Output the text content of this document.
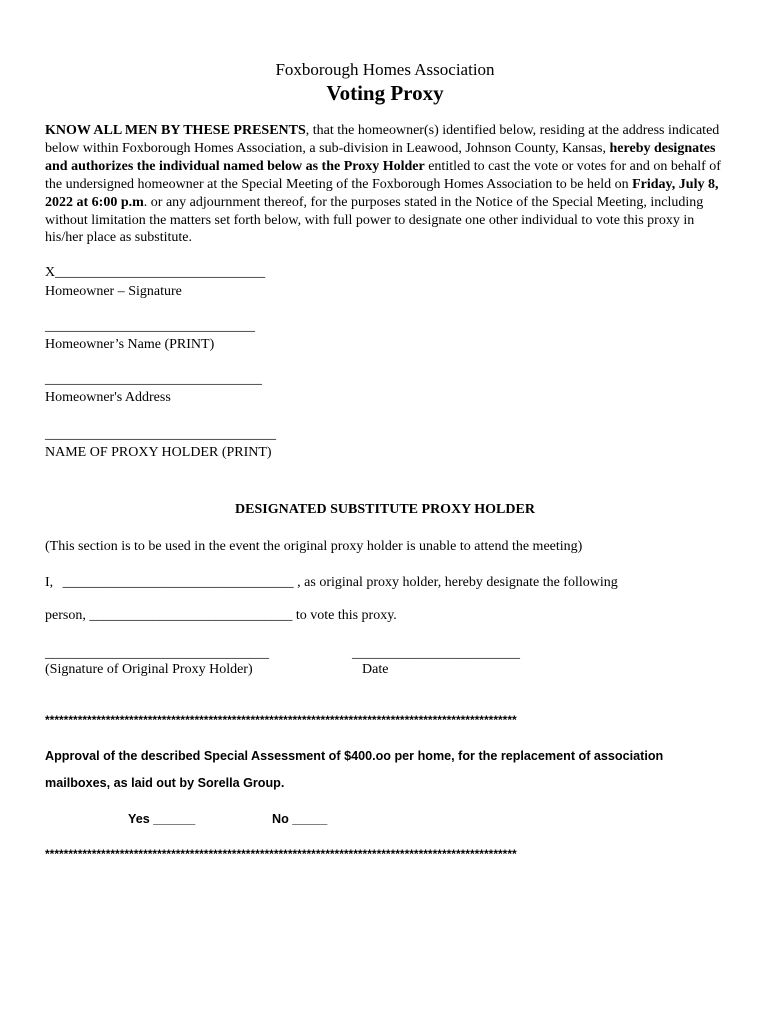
Foxborough Homes Association
Voting Proxy

KNOW ALL MEN BY THESE PRESENTS, that the homeowner(s) identified below, residing at the address indicated below within Foxborough Homes Association, a sub-division in Leawood, Johnson County, Kansas, hereby designates and authorizes the individual named below as the Proxy Holder entitled to cast the vote or votes for and on behalf of the undersigned homeowner at the Special Meeting of the Foxborough Homes Association to be held on Friday, July 8, 2022 at 6:00 p.m. or any adjournment thereof, for the purposes stated in the Notice of the Special Meeting, including without limitation the matters set forth below, with full power to designate one other individual to vote this proxy in his/her place as substitute.

X______________________________
Homeowner – Signature
______________________________
Homeowner’s Name (PRINT)
_______________________________
Homeowner's Address
_________________________________
NAME OF PROXY HOLDER (PRINT)
DESIGNATED SUBSTITUTE PROXY HOLDER
(This section is to be used in the event the original proxy holder is unable to attend the meeting)
I, _________________________________ , as original proxy holder, hereby designate the following
person, _____________________________ to vote this proxy.
________________________________
(Signature of Original Proxy Holder)
________________________
Date
*****************************************************************************************************
Approval of the described Special Assessment of $400.oo per home, for the replacement of association
mailboxes, as laid out by Sorella Group.
Yes ______	No _____
*****************************************************************************************************
